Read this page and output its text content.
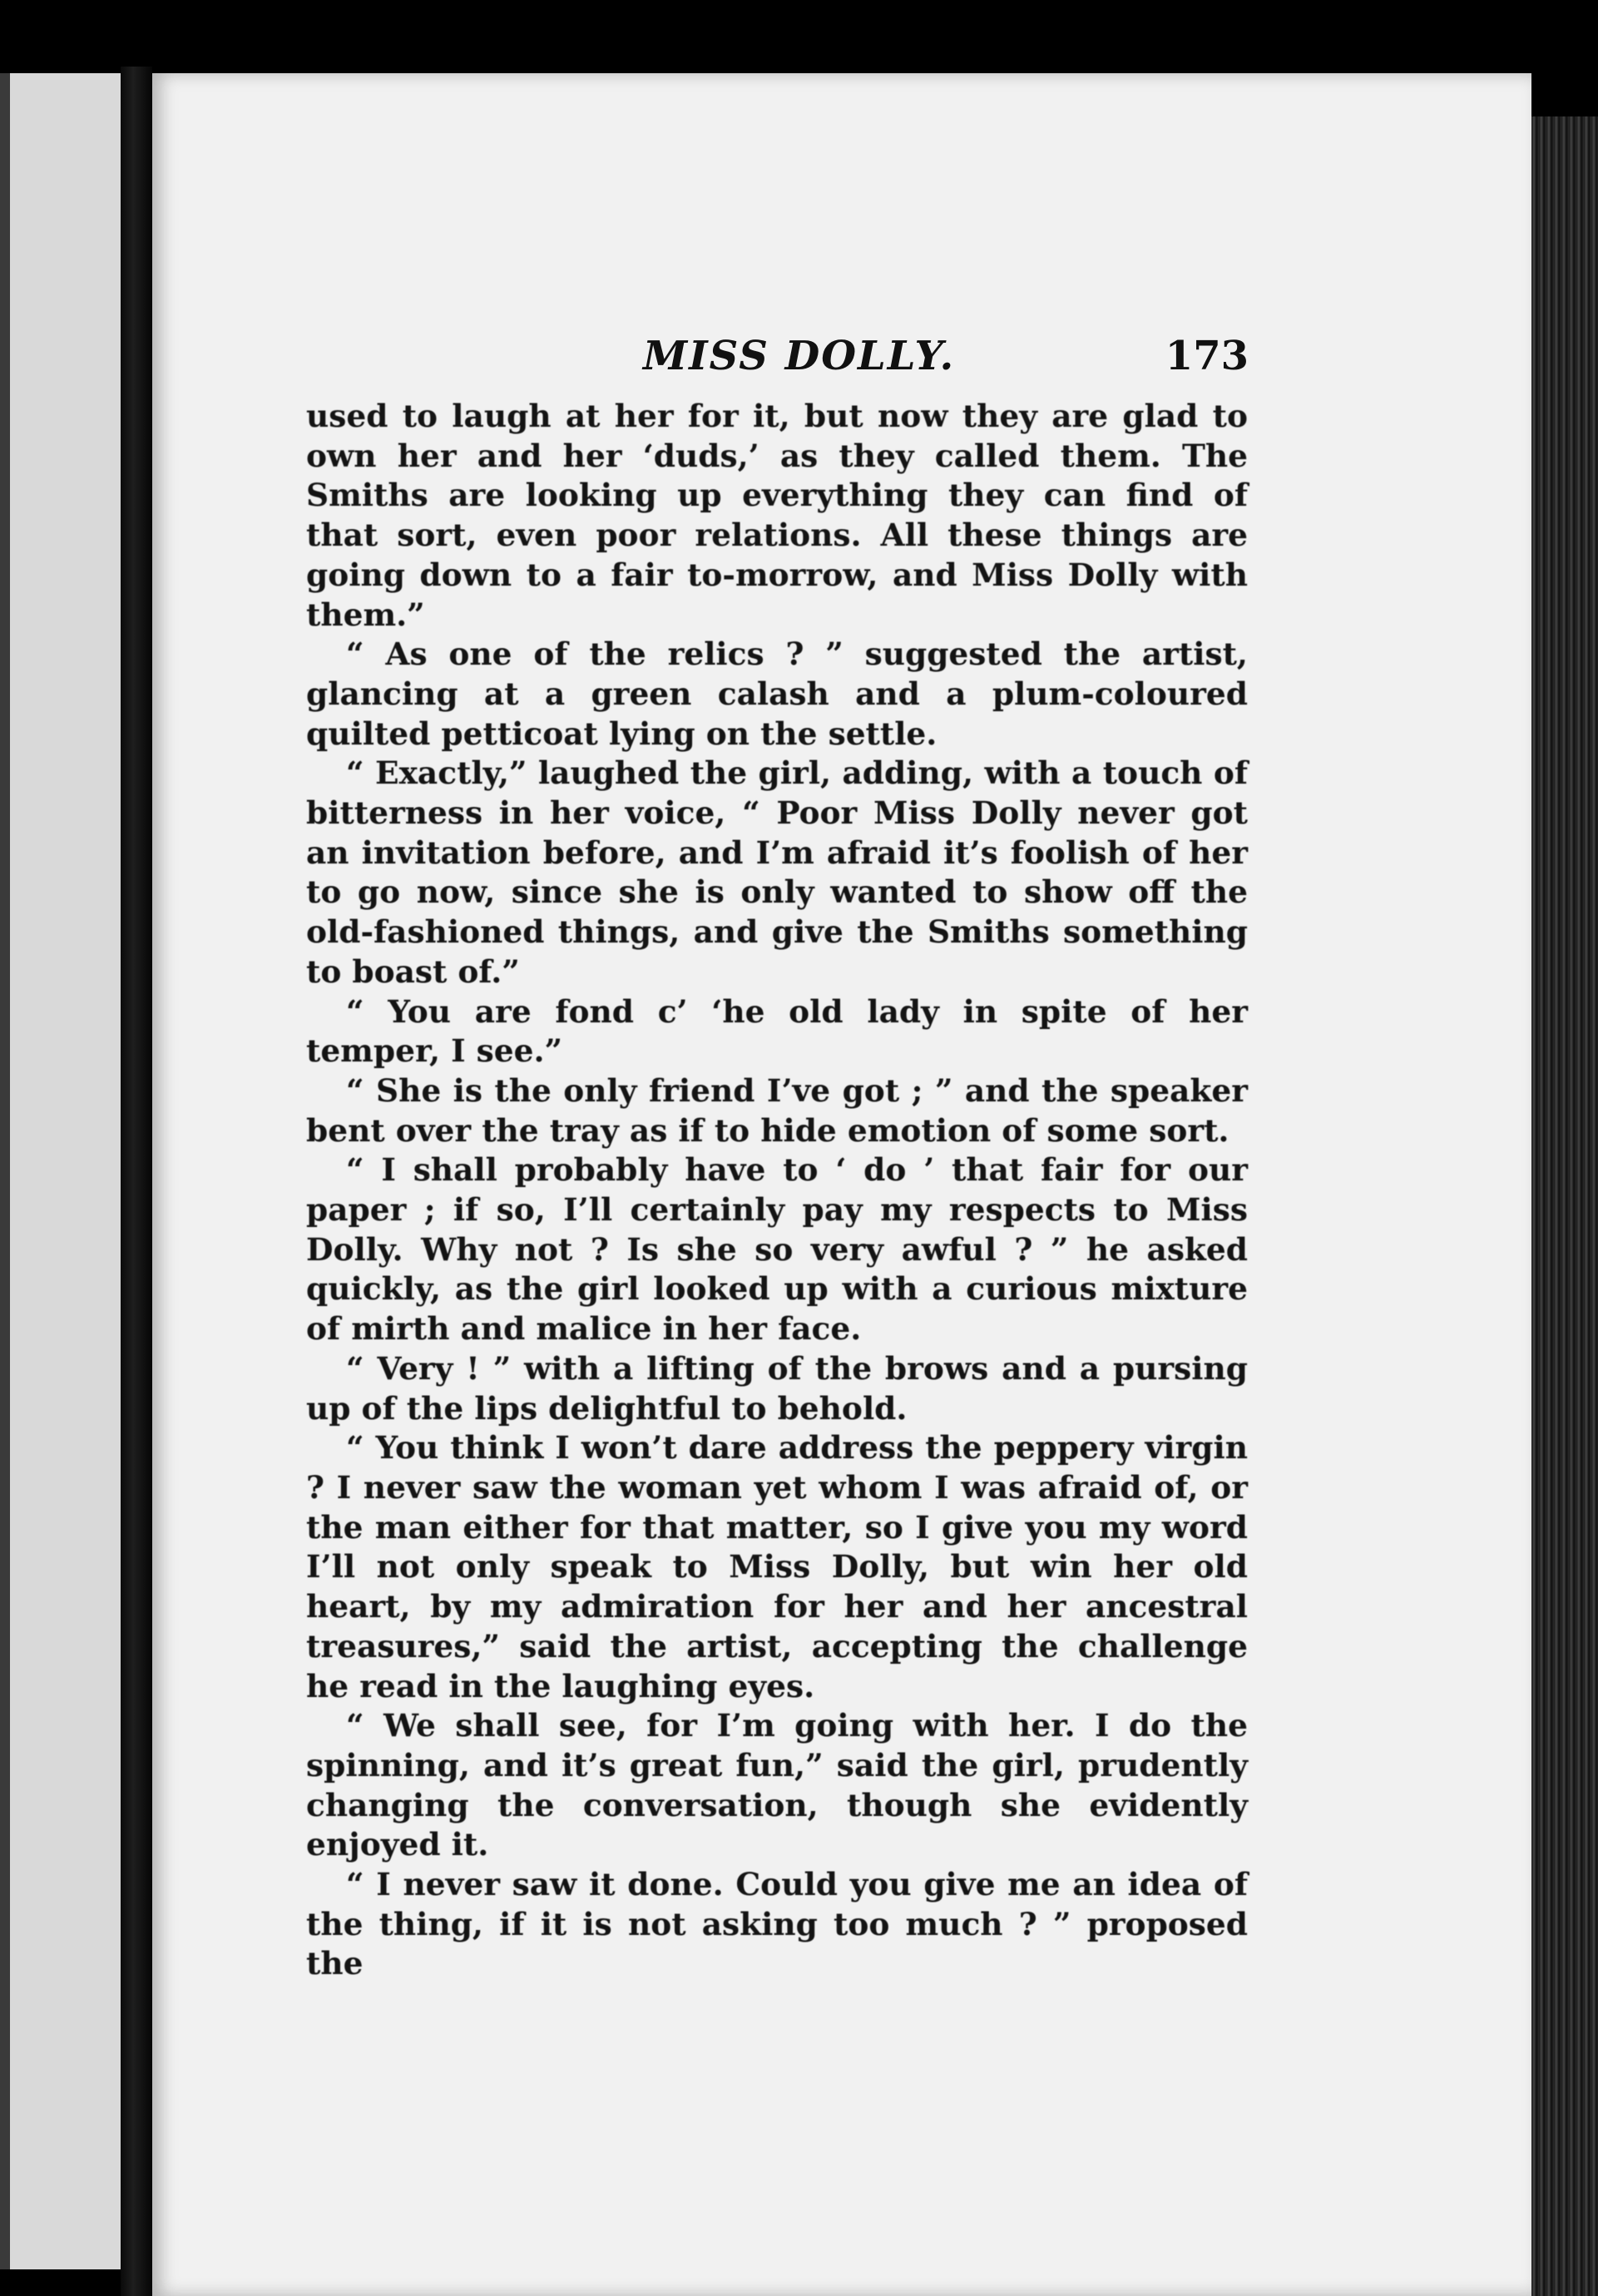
MISS DOLLY.	173

used to laugh at her for it, but now they are glad to own her and her ‘duds,’ as they called them. The Smiths are looking up everything they can find of that sort, even poor relations. All these things are going down to a fair to-morrow, and Miss Dolly with them.”

“ As one of the relics ? ” suggested the artist, glancing at a green calash and a plum-coloured quilted petticoat lying on the settle.

“ Exactly,” laughed the girl, adding, with a touch of bitterness in her voice, “ Poor Miss Dolly never got an invitation before, and I’m afraid it’s foolish of her to go now, since she is only wanted to show off the old-fashioned things, and give the Smiths something to boast of.”

“ You are fond c’ ‘he old lady in spite of her temper, I see.”

“ She is the only friend I’ve got ; ” and the speaker bent over the tray as if to hide emotion of some sort.

“ I shall probably have to ‘ do ’ that fair for our paper ; if so, I’ll certainly pay my respects to Miss Dolly. Why not ? Is she so very awful ? ” he asked quickly, as the girl looked up with a curious mixture of mirth and malice in her face.

“ Very ! ” with a lifting of the brows and a pursing up of the lips delightful to behold.

“ You think I won’t dare address the peppery virgin ? I never saw the woman yet whom I was afraid of, or the man either for that matter, so I give you my word I’ll not only speak to Miss Dolly, but win her old heart, by my admiration for her and her ancestral treasures,” said the artist, accepting the challenge he read in the laughing eyes.

“ We shall see, for I’m going with her. I do the spinning, and it’s great fun,” said the girl, prudently changing the conversation, though she evidently enjoyed it.

“ I never saw it done. Could you give me an idea of the thing, if it is not asking too much ? ” proposed the
